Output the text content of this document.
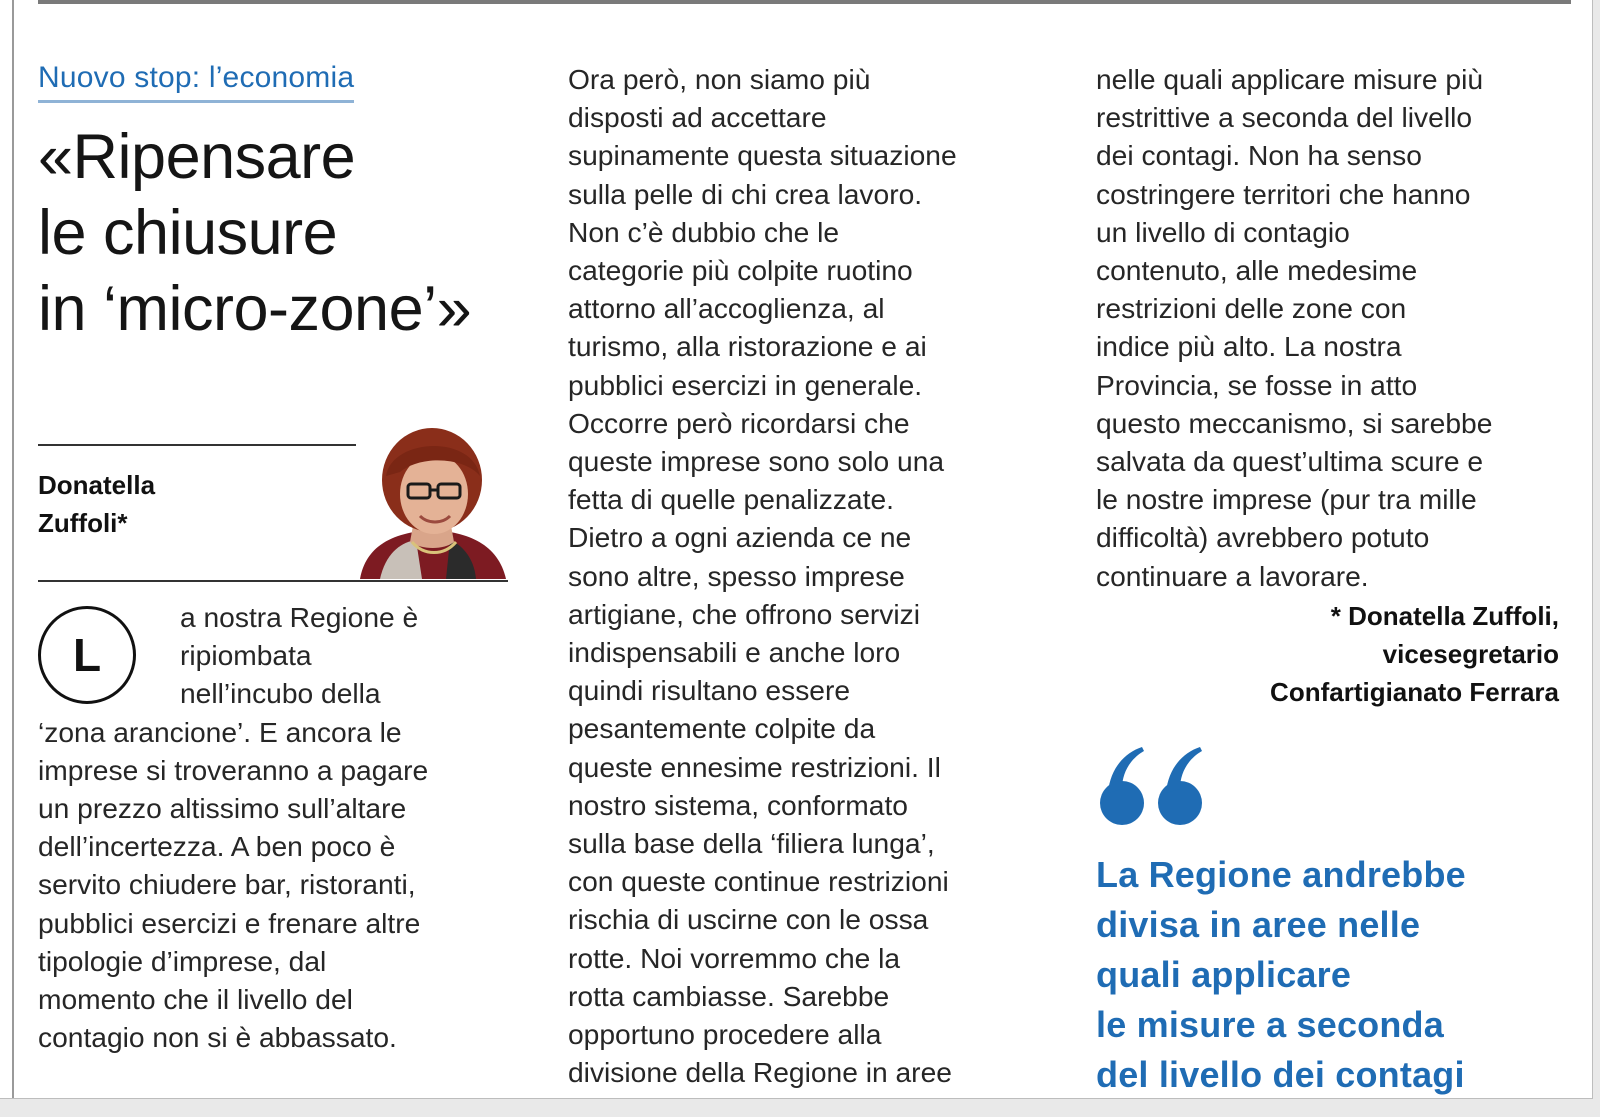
Nuovo stop: l’economia
«Ripensare
le chiusure
in ‘micro-zone’»
Donatella
Zuffoli*
L
a nostra Regione è
ripiombata
nell’incubo della
‘zona arancione’. E ancora le
imprese si troveranno a pagare
un prezzo altissimo sull’altare
dell’incertezza. A ben poco è
servito chiudere bar, ristoranti,
pubblici esercizi e frenare altre
tipologie d’imprese, dal
momento che il livello del
contagio non si è abbassato.
Ora però, non siamo più
disposti ad accettare
supinamente questa situazione
sulla pelle di chi crea lavoro.
Non c’è dubbio che le
categorie più colpite ruotino
attorno all’accoglienza, al
turismo, alla ristorazione e ai
pubblici esercizi in generale.
Occorre però ricordarsi che
queste imprese sono solo una
fetta di quelle penalizzate.
Dietro a ogni azienda ce ne
sono altre, spesso imprese
artigiane, che offrono servizi
indispensabili e anche loro
quindi risultano essere
pesantemente colpite da
queste ennesime restrizioni. Il
nostro sistema, conformato
sulla base della ‘filiera lunga’,
con queste continue restrizioni
rischia di uscirne con le ossa
rotte. Noi vorremmo che la
rotta cambiasse. Sarebbe
opportuno procedere alla
divisione della Regione in aree
nelle quali applicare misure più
restrittive a seconda del livello
dei contagi. Non ha senso
costringere territori che hanno
un livello di contagio
contenuto, alle medesime
restrizioni delle zone con
indice più alto. La nostra
Provincia, se fosse in atto
questo meccanismo, si sarebbe
salvata da quest’ultima scure e
le nostre imprese (pur tra mille
difficoltà) avrebbero potuto
continuare a lavorare.
* Donatella Zuffoli,
vicesegretario
Confartigianato Ferrara
La Regione andrebbe
divisa in aree nelle
quali applicare
le misure a seconda
del livello dei contagi
